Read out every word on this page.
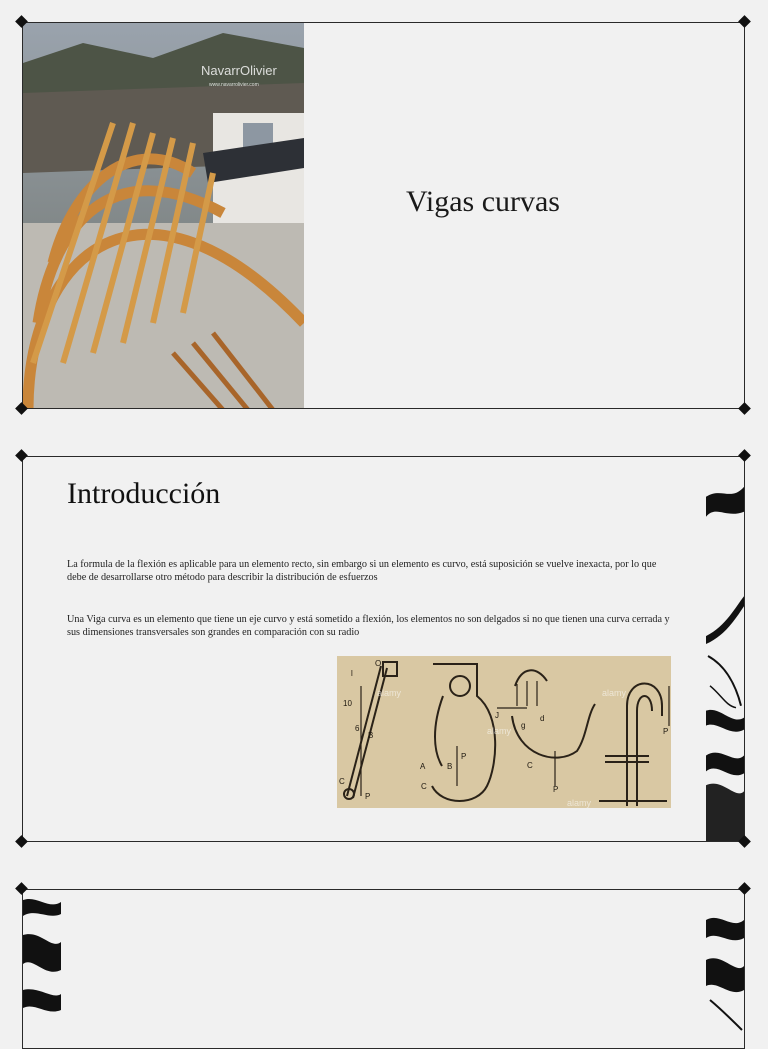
NavarrOlivier
www.navarrolivier.com
Vigas curvas
Introducción
La formula de la flexión es aplicable para un elemento recto, sin embargo si un elemento es curvo, está suposición se vuelve inexacta, por lo que debe de desarrollarse otro método para describir la distribución de esfuerzos
Una Viga curva es un elemento que tiene un eje curvo y está sometido a flexión, los elementos no son delgados si no que tienen una curva cerrada y sus dimensiones transversales son grandes en comparación con su radio
O
l
10
6
B
C
P
A	B
C
P
J
g
d
C
P
P
alamy
alamy
alamy
alamy
